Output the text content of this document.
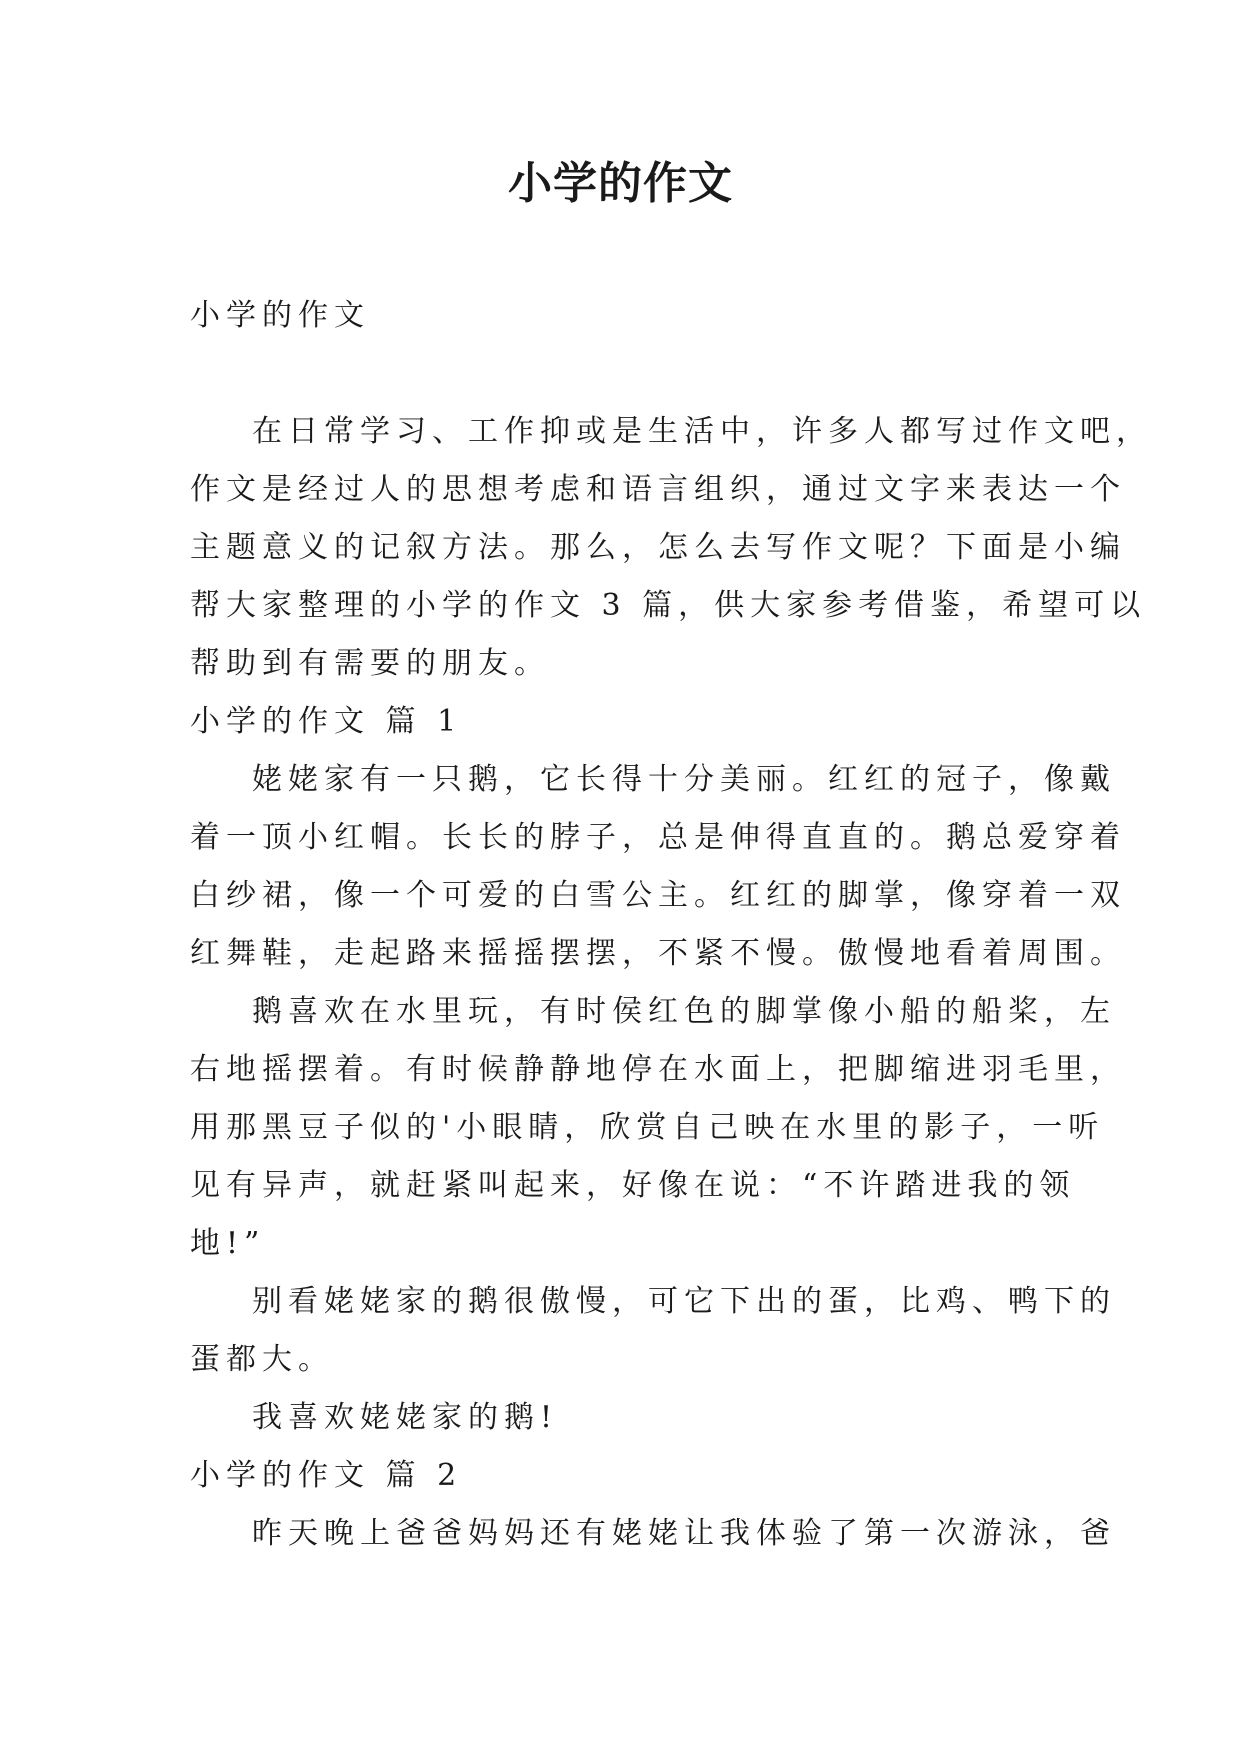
小学的作文
小学的作文
在日常学习、工作抑或是生活中，许多人都写过作文吧，
作文是经过人的思想考虑和语言组织，通过文字来表达一个
主题意义的记叙方法。那么，怎么去写作文呢？下面是小编
帮大家整理的小学的作文 3 篇，供大家参考借鉴，希望可以
帮助到有需要的朋友。
小学的作文 篇 1
姥姥家有一只鹅，它长得十分美丽。红红的冠子，像戴
着一顶小红帽。长长的脖子，总是伸得直直的。鹅总爱穿着
白纱裙，像一个可爱的白雪公主。红红的脚掌，像穿着一双
红舞鞋，走起路来摇摇摆摆，不紧不慢。傲慢地看着周围。
鹅喜欢在水里玩，有时侯红色的脚掌像小船的船桨，左
右地摇摆着。有时候静静地停在水面上，把脚缩进羽毛里，
用那黑豆子似的'小眼睛，欣赏自己映在水里的影子，一听
见有异声，就赶紧叫起来，好像在说：“不许踏进我的领
地!”
别看姥姥家的鹅很傲慢，可它下出的蛋，比鸡、鸭下的
蛋都大。
我喜欢姥姥家的鹅!
小学的作文 篇 2
昨天晚上爸爸妈妈还有姥姥让我体验了第一次游泳，爸
